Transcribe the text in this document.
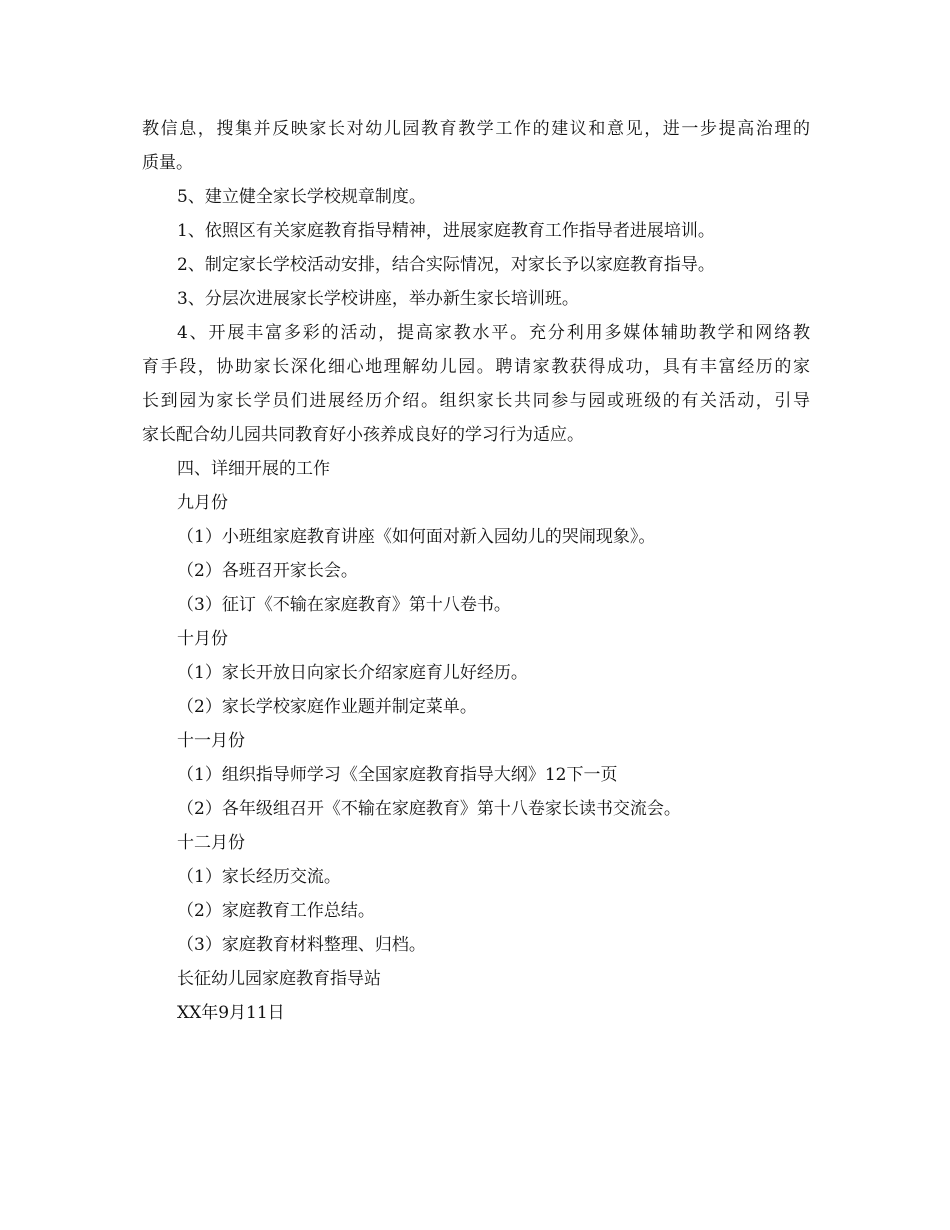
教信息，搜集并反映家长对幼儿园教育教学工作的建议和意见，进一步提高治理的
质量。
5、建立健全家长学校规章制度。
1、依照区有关家庭教育指导精神，进展家庭教育工作指导者进展培训。
2、制定家长学校活动安排，结合实际情况，对家长予以家庭教育指导。
3、分层次进展家长学校讲座，举办新生家长培训班。
4、开展丰富多彩的活动，提高家教水平。充分利用多媒体辅助教学和网络教
育手段，协助家长深化细心地理解幼儿园。聘请家教获得成功，具有丰富经历的家
长到园为家长学员们进展经历介绍。组织家长共同参与园或班级的有关活动，引导
家长配合幼儿园共同教育好小孩养成良好的学习行为适应。
四、详细开展的工作
九月份
（1）小班组家庭教育讲座《如何面对新入园幼儿的哭闹现象》。
（2）各班召开家长会。
（3）征订《不输在家庭教育》第十八卷书。
十月份
（1）家长开放日向家长介绍家庭育儿好经历。
（2）家长学校家庭作业题并制定菜单。
十一月份
（1）组织指导师学习《全国家庭教育指导大纲》12下一页
（2）各年级组召开《不输在家庭教育》第十八卷家长读书交流会。
十二月份
（1）家长经历交流。
（2）家庭教育工作总结。
（3）家庭教育材料整理、归档。
长征幼儿园家庭教育指导站
XX年9月11日
